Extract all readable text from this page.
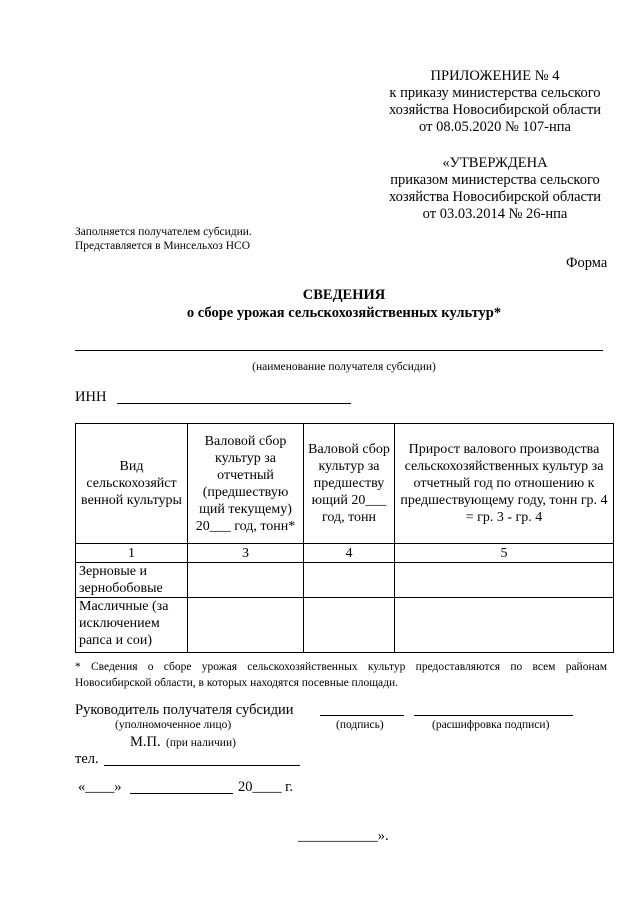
ПРИЛОЖЕНИЕ № 4
к приказу министерства сельского
хозяйства Новосибирской области
от 08.05.2020 № 107-нпа
«УТВЕРЖДЕНА
приказом министерства сельского
хозяйства Новосибирской области
от 03.03.2014 № 26-нпа
Заполняется получателем субсидии.
Представляется в Минсельхоз НСО
Форма
СВЕДЕНИЯ
о сборе урожая сельскохозяйственных культур*
(наименование получателя субсидии)
ИНН
Вид сельскохозяйст венной культуры	Валовой сбор культур за отчетный (предшествую щий текущему) 20___ год, тонн*	Валовой сбор культур за предшеству ющий 20___ год, тонн	Прирост валового производства сельскохозяйственных культур за отчетный год по отношению к предшествующему году, тонн гр. 4 = гр. 3 - гр. 4
1	3	4	5
Зерновые и зернобобовые			
Масличные (за исключением рапса и сои)			
* Сведения о сборе урожая сельскохозяйственных культур предоставляются по всем районам Новосибирской области, в которых находятся посевные площади.
Руководитель получателя субсидии
(уполномоченное лицо)	(подпись)	(расшифровка подписи)
М.П. (при наличии)
тел.
«____»	20____ г.
___________».
